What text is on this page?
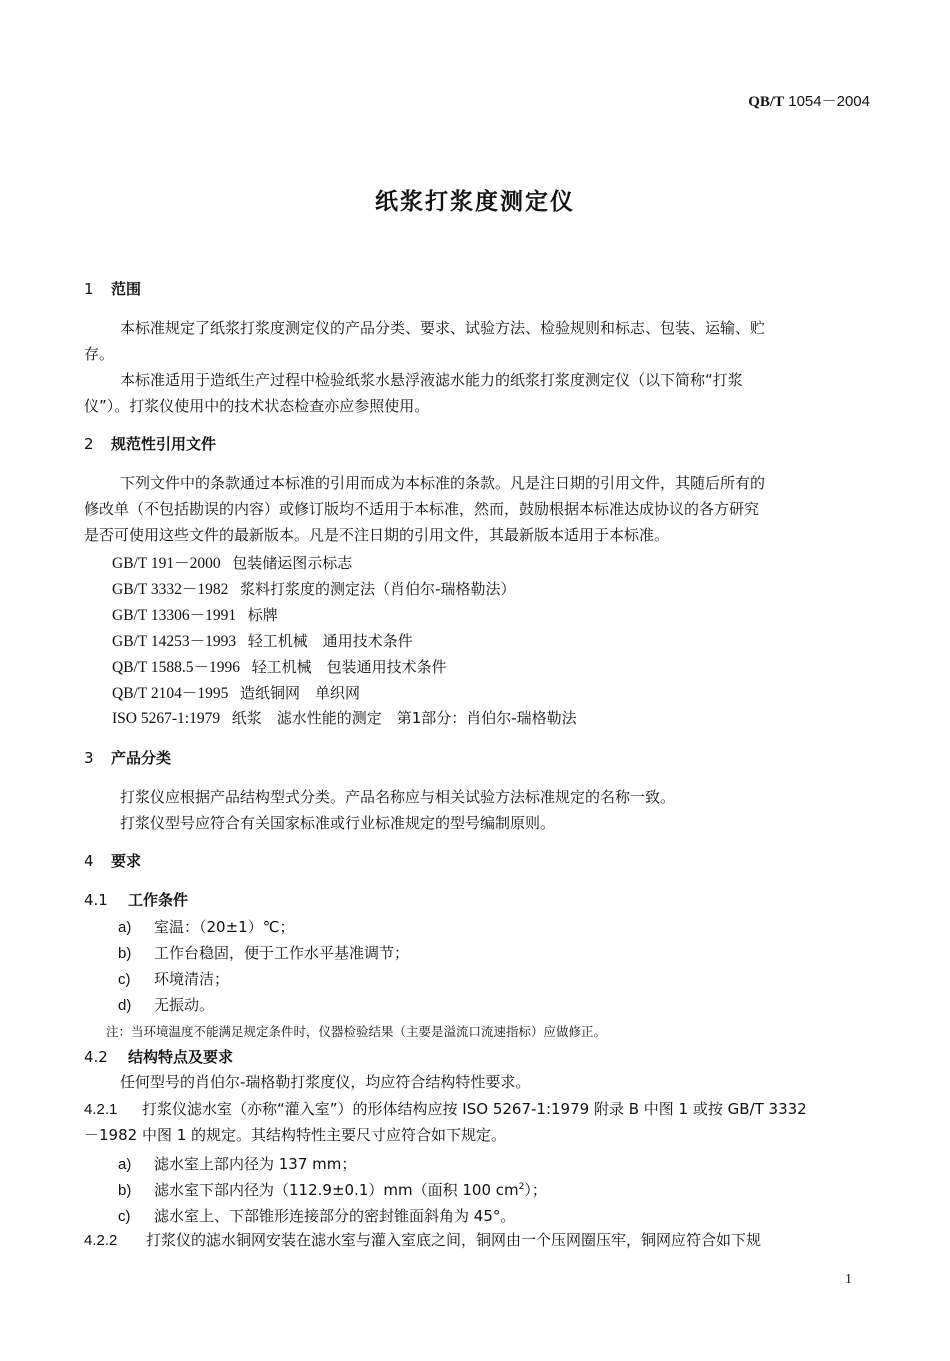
QB/T 1054－2004
纸浆打浆度测定仪
1 范围
本标准规定了纸浆打浆度测定仪的产品分类、要求、试验方法、检验规则和标志、包装、运输、贮
存。
本标准适用于造纸生产过程中检验纸浆水悬浮液滤水能力的纸浆打浆度测定仪（以下简称“打浆
仪”）。打浆仪使用中的技术状态检查亦应参照使用。
2 规范性引用文件
下列文件中的条款通过本标准的引用而成为本标准的条款。凡是注日期的引用文件，其随后所有的
修改单（不包括勘误的内容）或修订版均不适用于本标准，然而，鼓励根据本标准达成协议的各方研究
是否可使用这些文件的最新版本。凡是不注日期的引用文件，其最新版本适用于本标准。
GB/T 191－2000 包装储运图示标志
GB/T 3332－1982 浆料打浆度的测定法（肖伯尔-瑞格勒法）
GB/T 13306－1991 标牌
GB/T 14253－1993 轻工机械　通用技术条件
QB/T 1588.5－1996 轻工机械　包装通用技术条件
QB/T 2104－1995 造纸铜网　单织网
ISO 5267-1:1979 纸浆　滤水性能的测定　第1部分：肖伯尔-瑞格勒法
3 产品分类
打浆仪应根据产品结构型式分类。产品名称应与相关试验方法标准规定的名称一致。
打浆仪型号应符合有关国家标准或行业标准规定的型号编制原则。
4 要求
4.1 工作条件
a) 室温：（20±1）℃；
b) 工作台稳固，便于工作水平基准调节；
c) 环境清洁；
d) 无振动。
注：当环境温度不能满足规定条件时，仪器检验结果（主要是溢流口流速指标）应做修正。
4.2 结构特点及要求
任何型号的肖伯尔-瑞格勒打浆度仪，均应符合结构特性要求。
4.2.1 打浆仪滤水室（亦称“灌入室”）的形体结构应按 ISO 5267-1:1979 附录 B 中图 1 或按 GB/T 3332
－1982 中图 1 的规定。其结构特性主要尺寸应符合如下规定。
a) 滤水室上部内径为 137 mm；
b) 滤水室下部内径为（112.9±0.1）mm（面积 100 $cm^2$）；
c) 滤水室上、下部锥形连接部分的密封锥面斜角为 45°。
4.2.2 打浆仪的滤水铜网安装在滤水室与灌入室底之间，铜网由一个压网圈压牢，铜网应符合如下规
1
